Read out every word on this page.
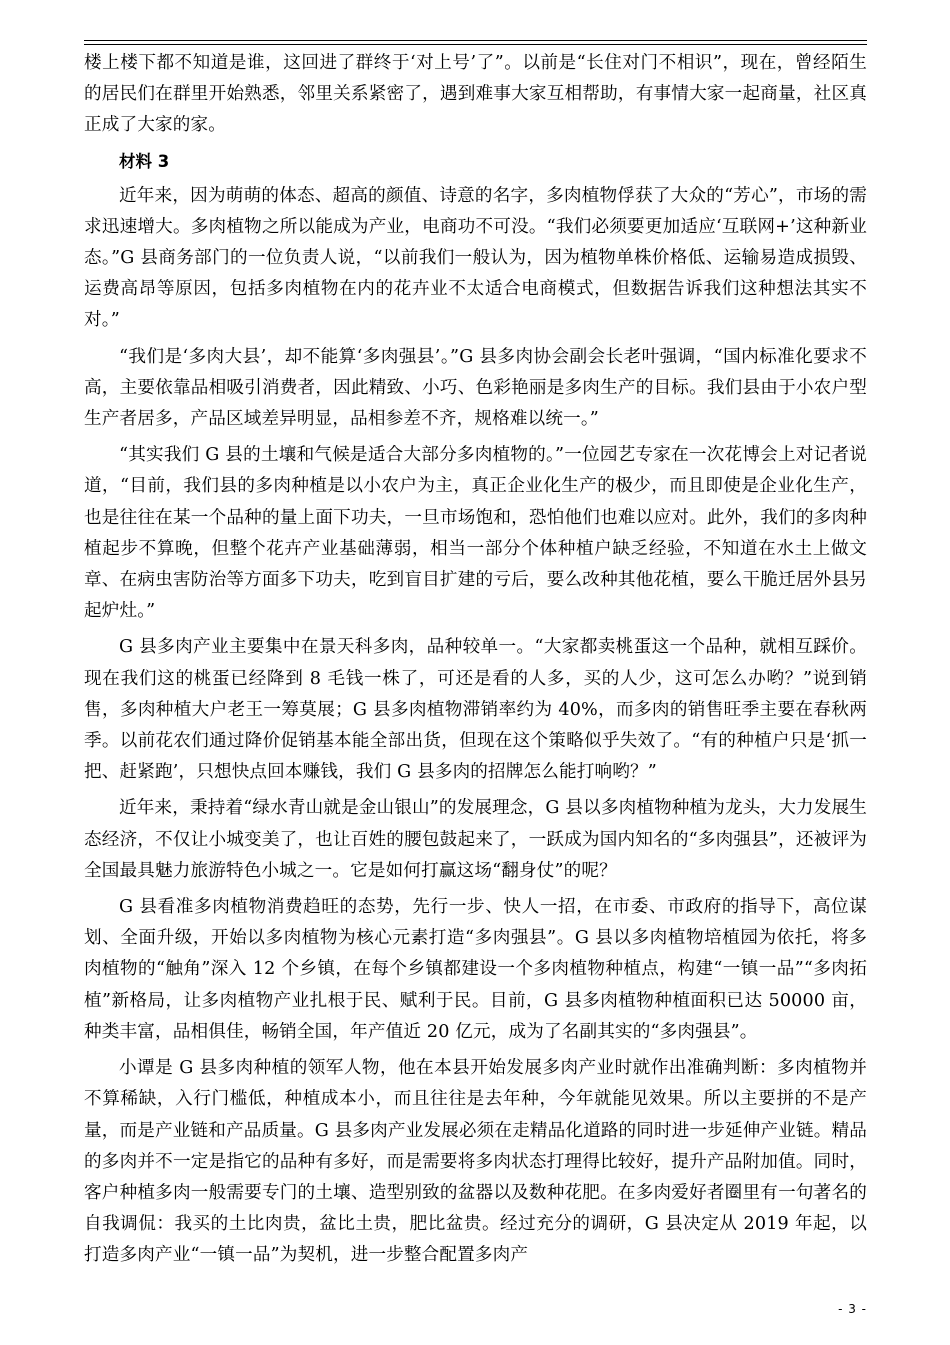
楼上楼下都不知道是谁，这回进了群终于‘对上号’了”。以前是“长住对门不相识”，现在，曾经陌生的居民们在群里开始熟悉，邻里关系紧密了，遇到难事大家互相帮助，有事情大家一起商量，社区真正成了大家的家。

材料 3

近年来，因为萌萌的体态、超高的颜值、诗意的名字，多肉植物俘获了大众的“芳心”，市场的需求迅速增大。多肉植物之所以能成为产业，电商功不可没。“我们必须要更加适应‘互联网+’这种新业态。”G 县商务部门的一位负责人说，“以前我们一般认为，因为植物单株价格低、运输易造成损毁、运费高昂等原因，包括多肉植物在内的花卉业不太适合电商模式，但数据告诉我们这种想法其实不对。”

“我们是‘多肉大县’，却不能算‘多肉强县’。”G 县多肉协会副会长老叶强调，“国内标准化要求不高，主要依靠品相吸引消费者，因此精致、小巧、色彩艳丽是多肉生产的目标。我们县由于小农户型生产者居多，产品区域差异明显，品相参差不齐，规格难以统一。”

“其实我们 G 县的土壤和气候是适合大部分多肉植物的。”一位园艺专家在一次花博会上对记者说道，“目前，我们县的多肉种植是以小农户为主，真正企业化生产的极少，而且即使是企业化生产，也是往往在某一个品种的量上面下功夫，一旦市场饱和，恐怕他们也难以应对。此外，我们的多肉种植起步不算晚，但整个花卉产业基础薄弱，相当一部分个体种植户缺乏经验，不知道在水土上做文章、在病虫害防治等方面多下功夫，吃到盲目扩建的亏后，要么改种其他花植，要么干脆迁居外县另起炉灶。”

G 县多肉产业主要集中在景天科多肉，品种较单一。“大家都卖桃蛋这一个品种，就相互踩价。现在我们这的桃蛋已经降到 8 毛钱一株了，可还是看的人多，买的人少，这可怎么办哟？”说到销售，多肉种植大户老王一筹莫展；G 县多肉植物滞销率约为 40%，而多肉的销售旺季主要在春秋两季。以前花农们通过降价促销基本能全部出货，但现在这个策略似乎失效了。“有的种植户只是‘抓一把、赶紧跑’，只想快点回本赚钱，我们 G 县多肉的招牌怎么能打响哟？”

近年来，秉持着“绿水青山就是金山银山”的发展理念，G 县以多肉植物种植为龙头，大力发展生态经济，不仅让小城变美了，也让百姓的腰包鼓起来了，一跃成为国内知名的“多肉强县”，还被评为全国最具魅力旅游特色小城之一。它是如何打赢这场“翻身仗”的呢？

G 县看准多肉植物消费趋旺的态势，先行一步、快人一招，在市委、市政府的指导下，高位谋划、全面升级，开始以多肉植物为核心元素打造“多肉强县”。G 县以多肉植物培植园为依托，将多肉植物的“触角”深入 12 个乡镇，在每个乡镇都建设一个多肉植物种植点，构建“一镇一品”“多肉拓植”新格局，让多肉植物产业扎根于民、赋利于民。目前，G 县多肉植物种植面积已达 50000 亩，种类丰富，品相俱佳，畅销全国，年产值近 20 亿元，成为了名副其实的“多肉强县”。

小谭是 G 县多肉种植的领军人物，他在本县开始发展多肉产业时就作出准确判断：多肉植物并不算稀缺，入行门槛低，种植成本小，而且往往是去年种，今年就能见效果。所以主要拼的不是产量，而是产业链和产品质量。G 县多肉产业发展必须在走精品化道路的同时进一步延伸产业链。精品的多肉并不一定是指它的品种有多好，而是需要将多肉状态打理得比较好，提升产品附加值。同时，客户种植多肉一般需要专门的土壤、造型别致的盆器以及数种花肥。在多肉爱好者圈里有一句著名的自我调侃：我买的土比肉贵，盆比土贵，肥比盆贵。经过充分的调研，G 县决定从 2019 年起，以打造多肉产业“一镇一品”为契机，进一步整合配置多肉产

- 3 -
